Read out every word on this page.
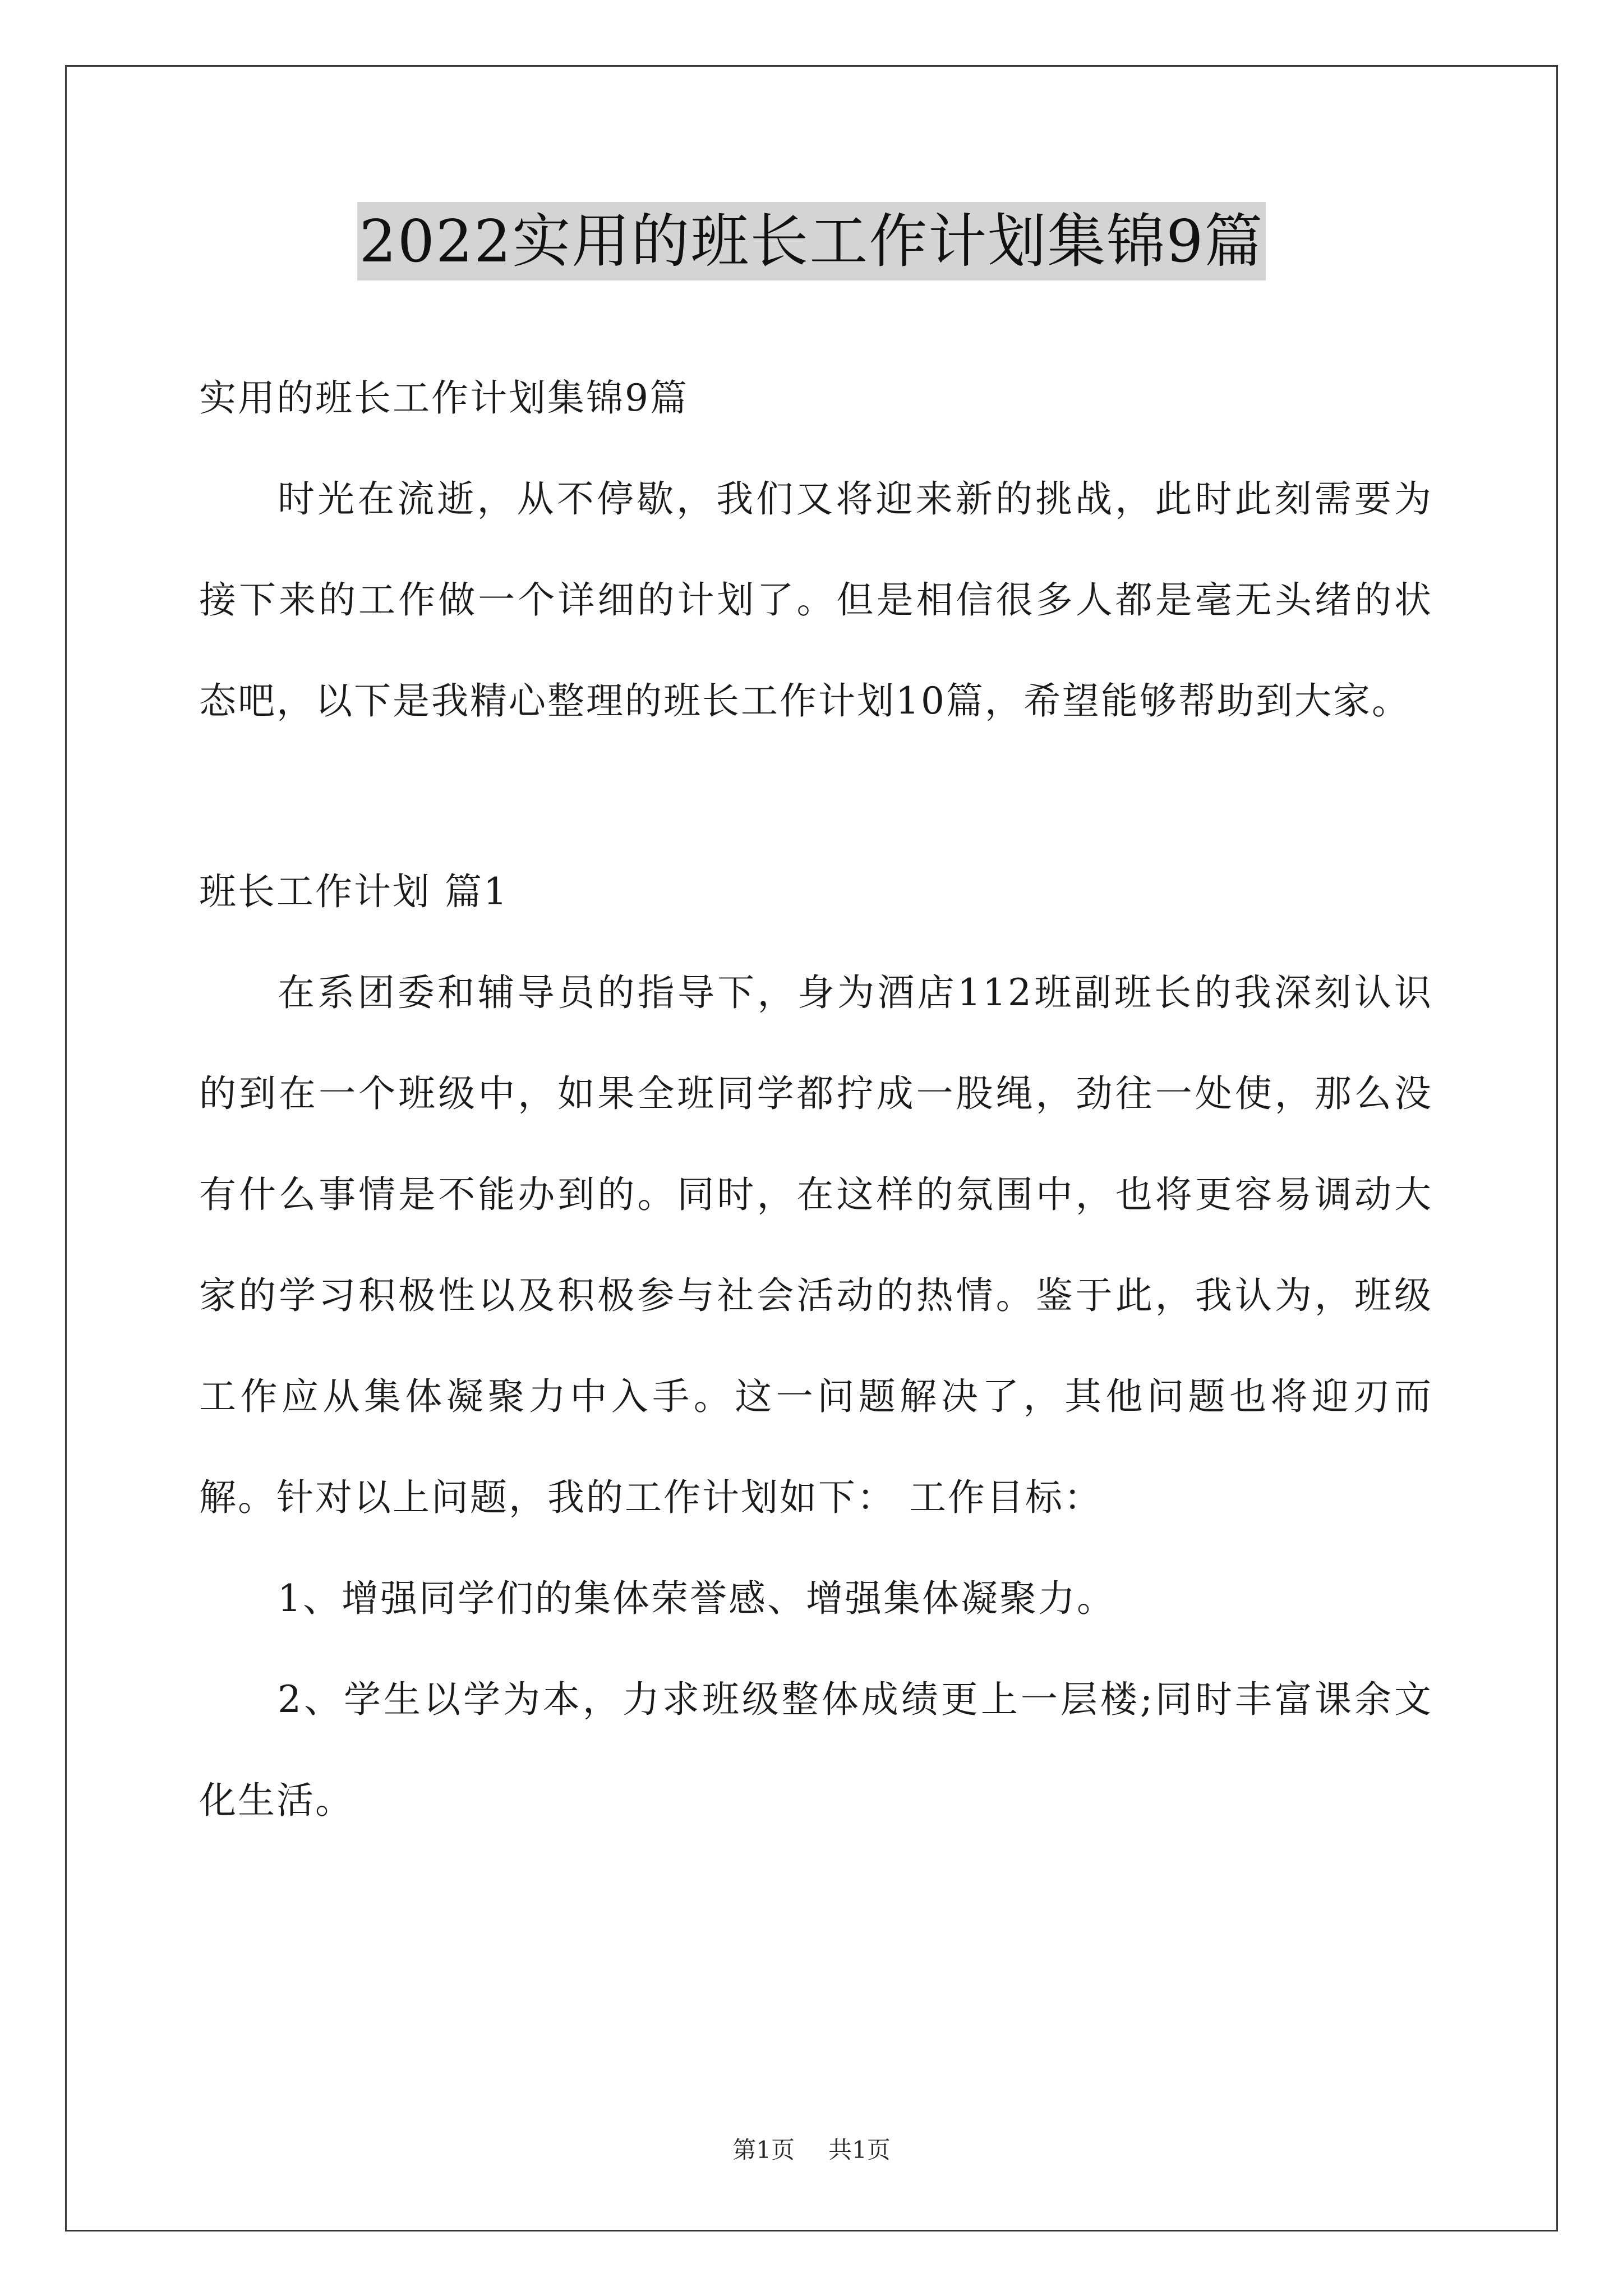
2022实用的班长工作计划集锦9篇

实用的班长工作计划集锦9篇

时光在流逝，从不停歇，我们又将迎来新的挑战，此时此刻需要为接下来的工作做一个详细的计划了。但是相信很多人都是毫无头绪的状态吧，以下是我精心整理的班长工作计划10篇，希望能够帮助到大家。

班长工作计划 篇1

在系团委和辅导员的指导下，身为酒店112班副班长的我深刻认识的到在一个班级中，如果全班同学都拧成一股绳，劲往一处使，那么没有什么事情是不能办到的。同时，在这样的氛围中，也将更容易调动大家的学习积极性以及积极参与社会活动的热情。鉴于此，我认为，班级工作应从集体凝聚力中入手。这一问题解决了，其他问题也将迎刃而解。针对以上问题，我的工作计划如下： 工作目标：

1、增强同学们的集体荣誉感、增强集体凝聚力。

2、学生以学为本，力求班级整体成绩更上一层楼;同时丰富课余文化生活。

第1页 共1页
